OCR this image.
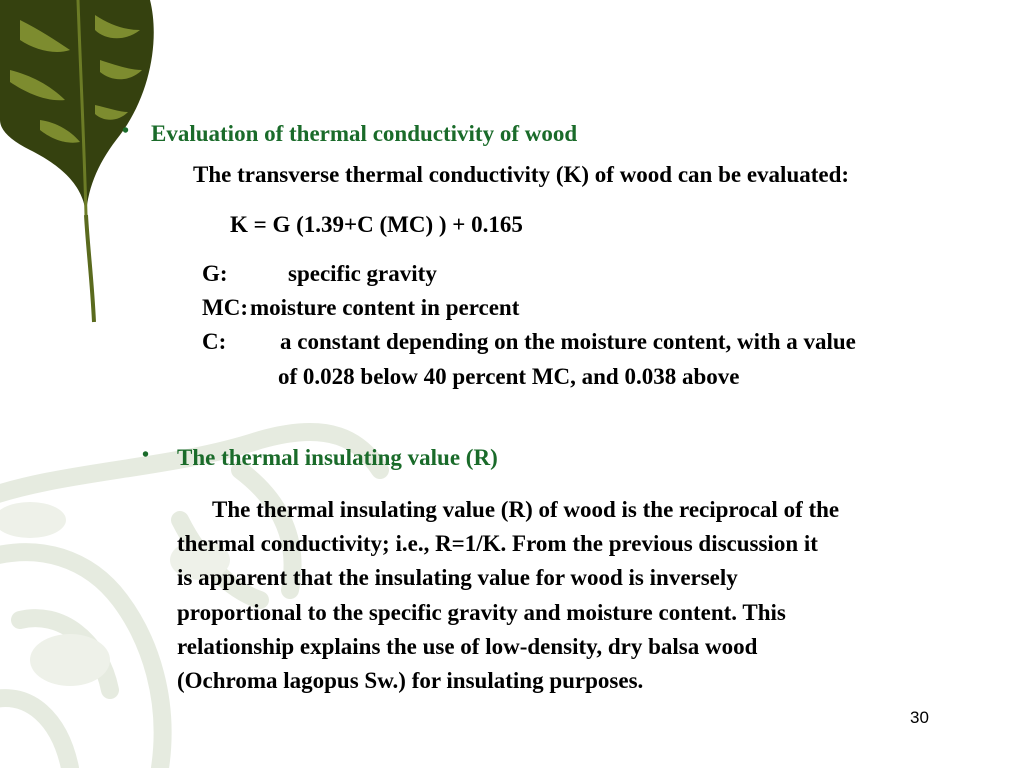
• Evaluation of thermal conductivity of wood
The transverse thermal conductivity (K) of wood can be evaluated:
K = G (1.39+C (MC) ) + 0.165
G:	specific gravity
MC: moisture content in percent
C: a constant depending on the moisture content, with a value
of 0.028 below 40 percent MC, and 0.038 above
• The thermal insulating value (R)
The thermal insulating value (R) of wood is the reciprocal of the
thermal conductivity; i.e., R=1/K. From the previous discussion it
is apparent that the insulating value for wood is inversely
proportional to the specific gravity and moisture content. This
relationship explains the use of low-density, dry balsa wood
(Ochroma lagopus Sw.) for insulating purposes.
30
